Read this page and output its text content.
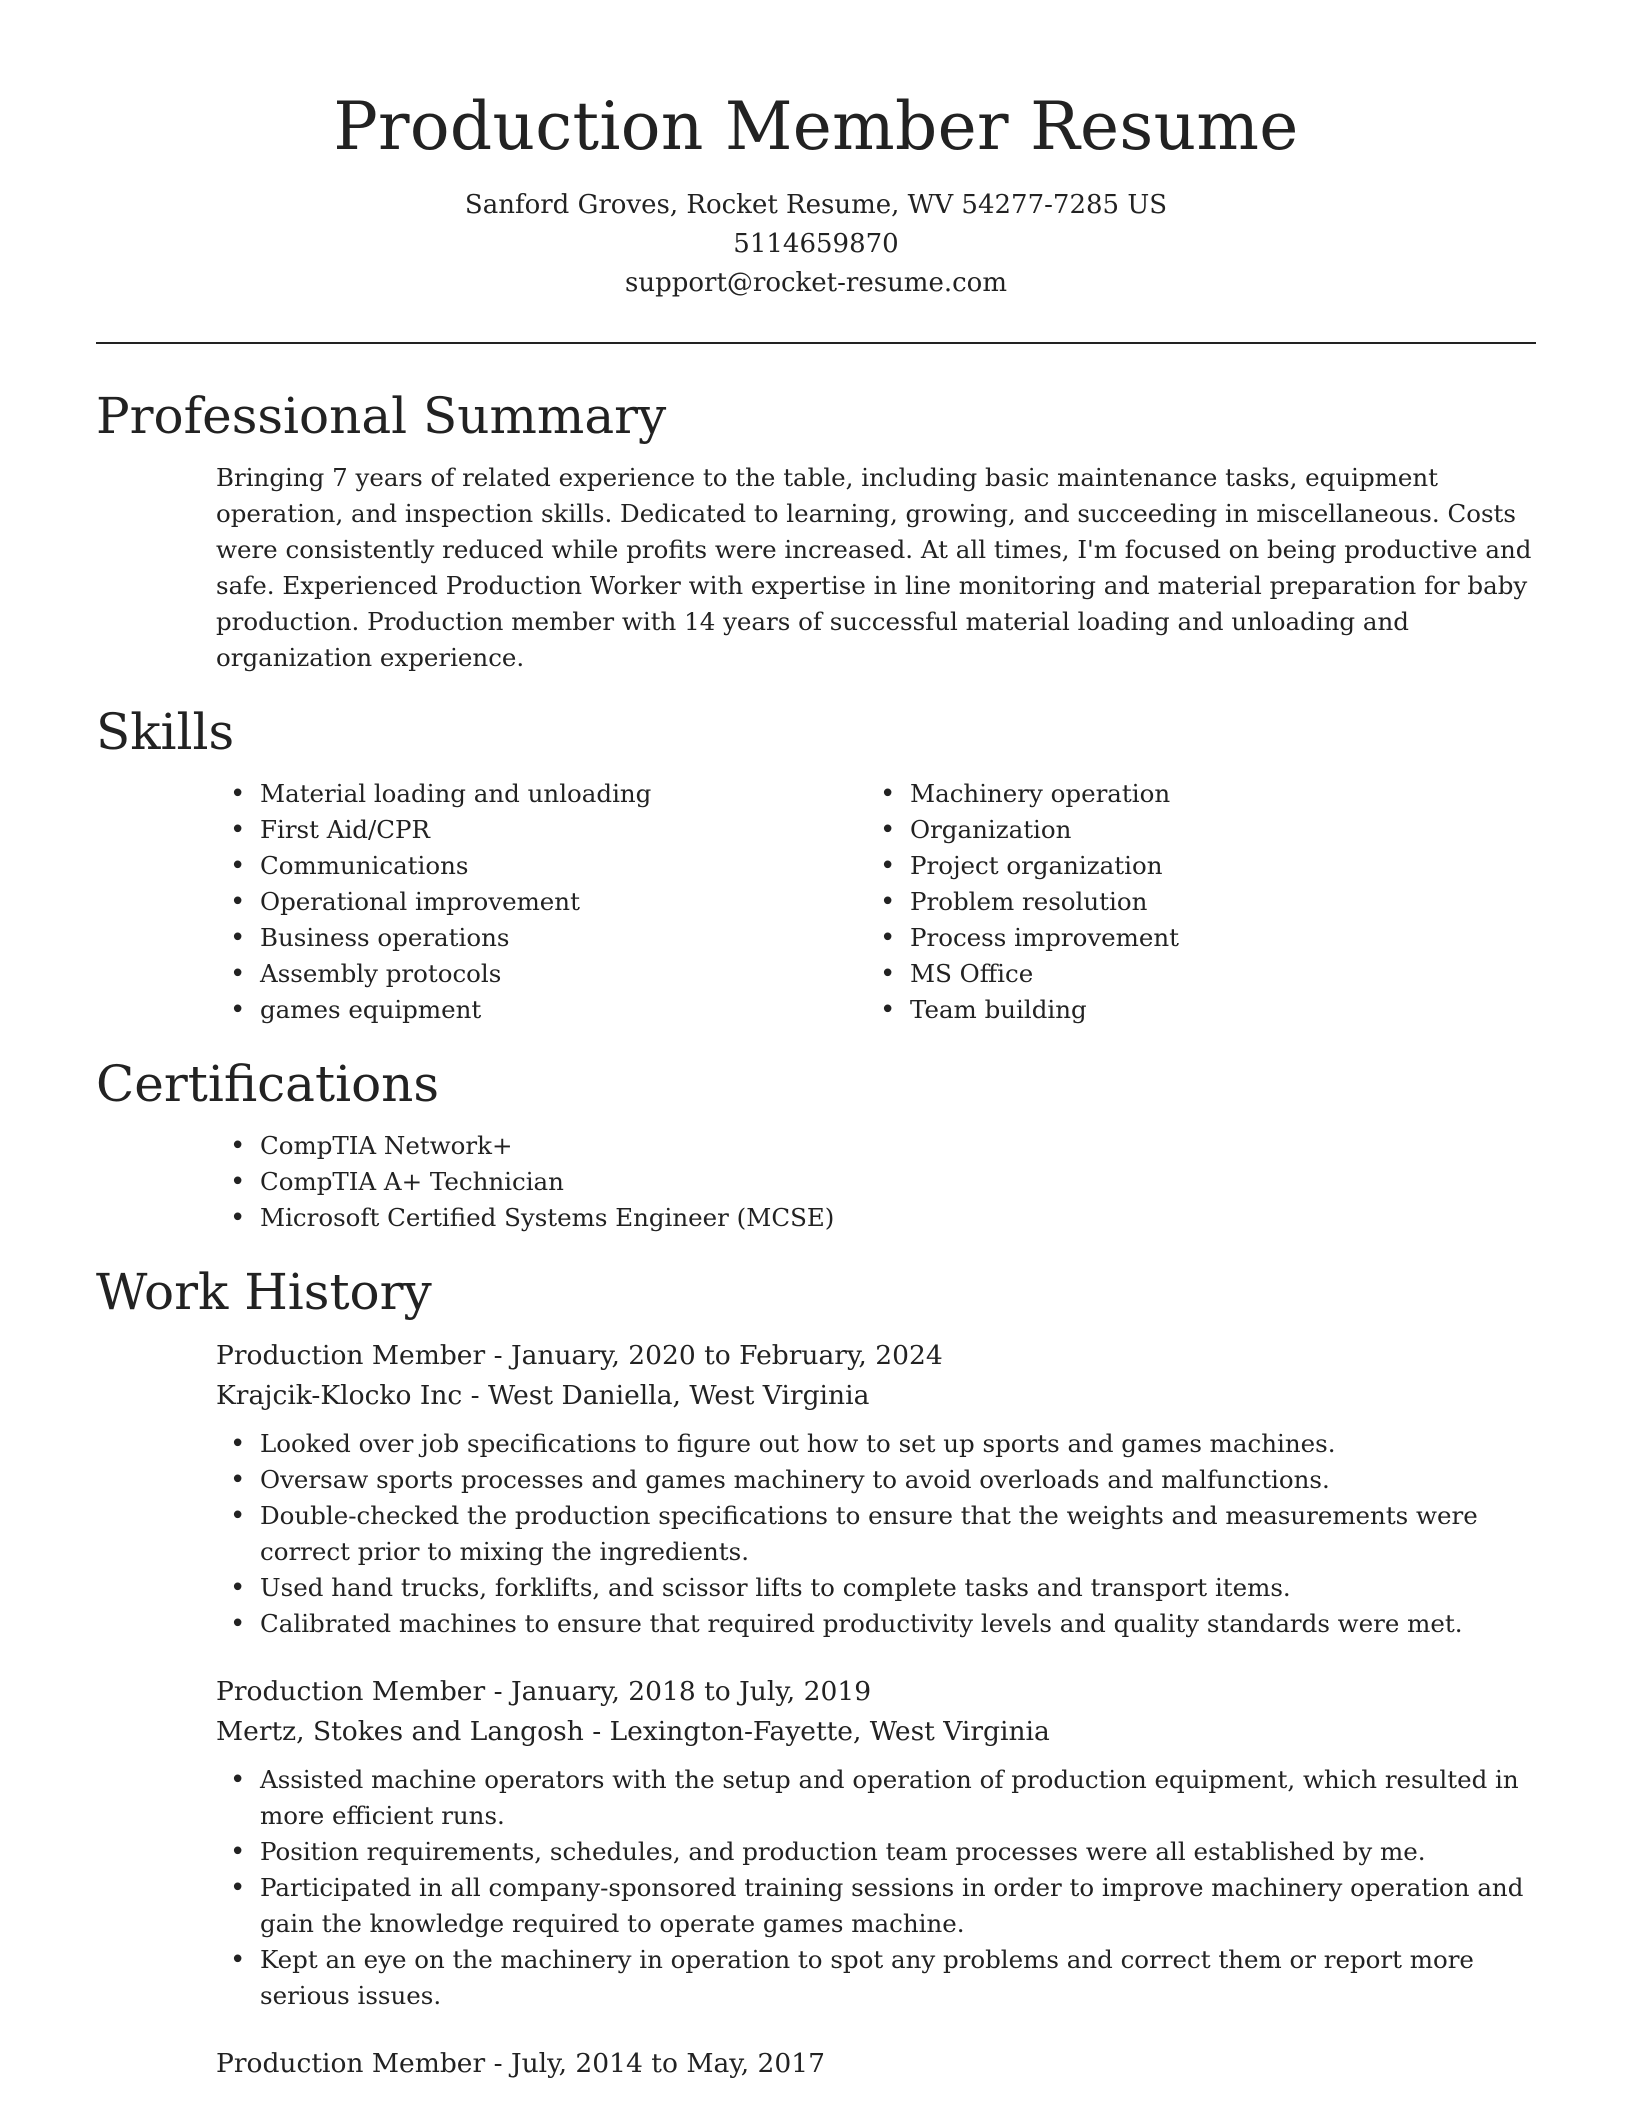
Production Member Resume
Sanford Groves, Rocket Resume, WV 54277-7285 US
5114659870
support@rocket-resume.com
Professional Summary

Bringing 7 years of related experience to the table, including basic maintenance tasks, equipment operation, and inspection skills. Dedicated to learning, growing, and succeeding in miscellaneous. Costs were consistently reduced while profits were increased. At all times, I'm focused on being productive and safe. Experienced Production Worker with expertise in line monitoring and material preparation for baby production. Production member with 14 years of successful material loading and unloading and organization experience.

Skills
• Material loading and unloading
• First Aid/CPR
• Communications
• Operational improvement
• Business operations
• Assembly protocols
• games equipment
• Machinery operation
• Organization
• Project organization
• Problem resolution
• Process improvement
• MS Office
• Team building
Certifications
• CompTIA Network+
• CompTIA A+ Technician
• Microsoft Certified Systems Engineer (MCSE)
Work History
Production Member - January, 2020 to February, 2024
Krajcik-Klocko Inc - West Daniella, West Virginia
• Looked over job specifications to figure out how to set up sports and games machines.
• Oversaw sports processes and games machinery to avoid overloads and malfunctions.
• Double-checked the production specifications to ensure that the weights and measurements were correct prior to mixing the ingredients.
• Used hand trucks, forklifts, and scissor lifts to complete tasks and transport items.
• Calibrated machines to ensure that required productivity levels and quality standards were met.
Production Member - January, 2018 to July, 2019
Mertz, Stokes and Langosh - Lexington-Fayette, West Virginia
• Assisted machine operators with the setup and operation of production equipment, which resulted in more efficient runs.
• Position requirements, schedules, and production team processes were all established by me.
• Participated in all company-sponsored training sessions in order to improve machinery operation and gain the knowledge required to operate games machine.
• Kept an eye on the machinery in operation to spot any problems and correct them or report more serious issues.
Production Member - July, 2014 to May, 2017
